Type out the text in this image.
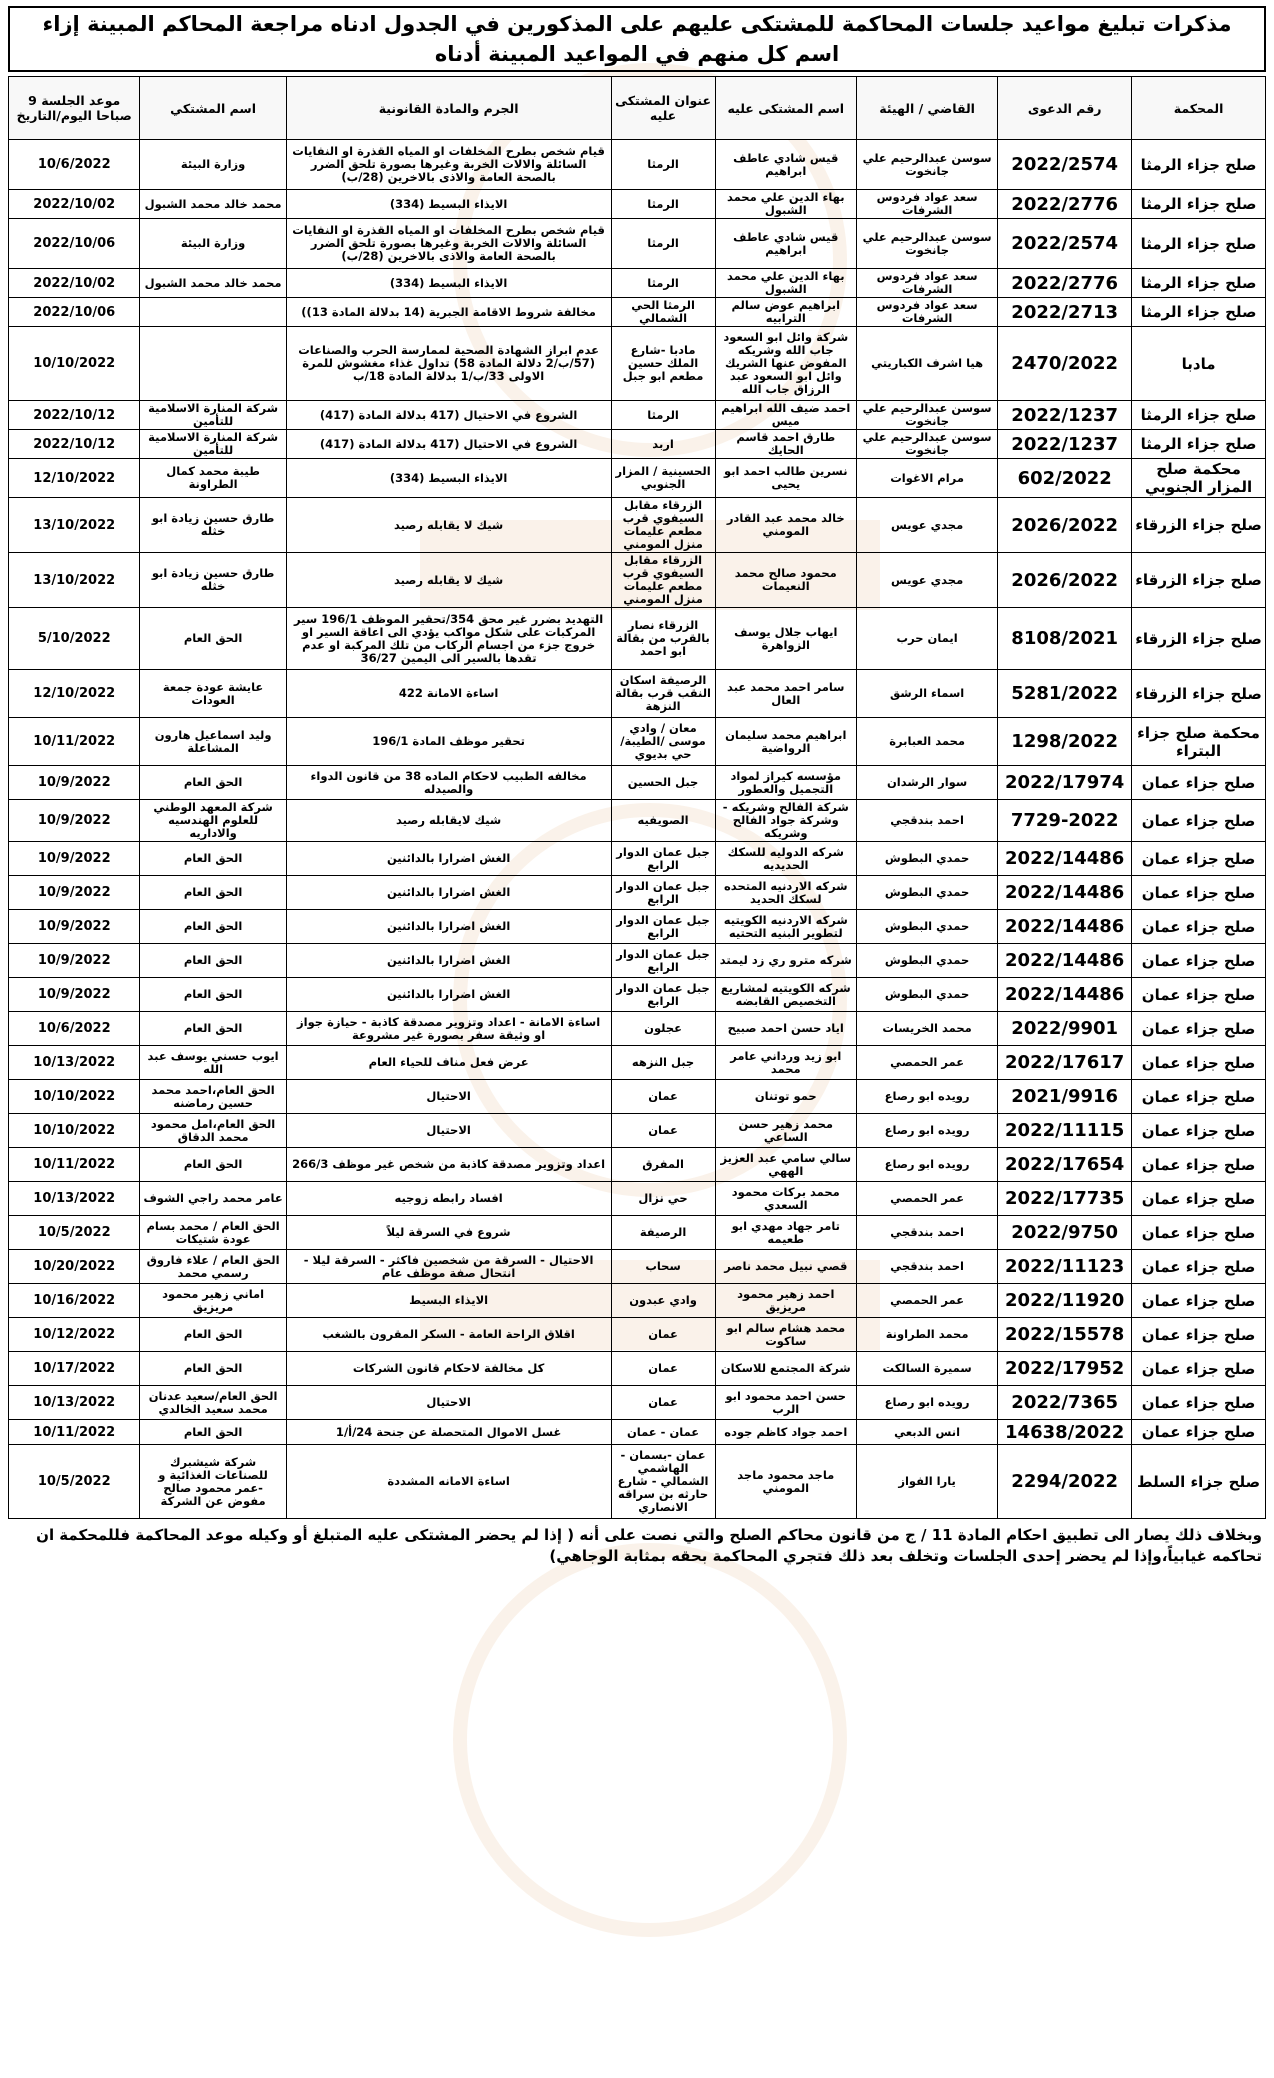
مذكرات تبليغ مواعيد جلسات المحاكمة للمشتكى عليهم على المذكورين في الجدول ادناه مراجعة المحاكم المبينة إزاء اسم كل منهم في المواعيد المبينة أدناه
المحكمة	رقم الدعوى	القاضي / الهيئة	اسم المشتكى عليه	عنوان المشتكى عليه	الجرم والمادة القانونية	اسم المشتكي	موعد الجلسة 9 صباحا اليوم/التاريخ
صلح جزاء الرمثا	2022/2574	سوسن عبدالرحيم علي جانخوت	قيس شادي عاطف ابراهيم	الرمثا	قيام شخص بطرح المخلفات او المياه القذرة او النفايات السائلة والالات الخربة وغيرها بصورة تلحق الضرر بالصحة العامة والاذى بالاخرين (28/ب)	وزارة البيئة	10/6/2022
صلح جزاء الرمثا	2022/2776	سعد عواد فردوس الشرفات	بهاء الدين علي محمد الشبول	الرمثا	الايذاء البسيط (334)	محمد خالد محمد الشبول	2022/10/02
صلح جزاء الرمثا	2022/2574	سوسن عبدالرحيم علي جانخوت	قيس شادي عاطف ابراهيم	الرمثا	قيام شخص بطرح المخلفات او المياه القذرة او النفايات السائلة والالات الخربة وغيرها بصورة تلحق الضرر بالصحة العامة والاذى بالاخرين (28/ب)	وزارة البيئة	2022/10/06
صلح جزاء الرمثا	2022/2776	سعد عواد فردوس الشرفات	بهاء الدين علي محمد الشبول	الرمثا	الايذاء البسيط (334)	محمد خالد محمد الشبول	2022/10/02
صلح جزاء الرمثا	2022/2713	سعد عواد فردوس الشرفات	ابراهيم عوض سالم الترابيه	الرمثا الحي الشمالي	مخالفة شروط الاقامة الجبرية (14 بدلالة المادة 13))		2022/10/06
مادبا	2470/2022	هيا اشرف الكباريتي	شركة وائل ابو السعود جاب الله وشريكه المفوض عنها الشريك وائل ابو السعود عبد الرزاق جاب الله	مادبا -شارع الملك حسين مطعم ابو جبل	عدم ابراز الشهادة الصحية لممارسة الحرب والصناعات (57/ب/2 دلالة المادة 58) تداول غذاء مغشوش للمرة الاولى 33/ب/1 بدلالة المادة 18/ب		10/10/2022
صلح جزاء الرمثا	2022/1237	سوسن عبدالرحيم علي جانخوت	احمد ضيف الله ابراهيم ميس	الرمثا	الشروع في الاحتيال (417 بدلالة المادة (417)	شركة المنارة الاسلامية للتأمين	2022/10/12
صلح جزاء الرمثا	2022/1237	سوسن عبدالرحيم علي جانخوت	طارق احمد قاسم الحايك	اربد	الشروع في الاحتيال (417 بدلالة المادة (417)	شركة المنارة الاسلامية للتأمين	2022/10/12
محكمة صلح المزار الجنوبي	602/2022	مرام الاغوات	نسرين طالب احمد ابو يحيى	الحسينية / المزار الجنوبي	الايذاء البسيط (334)	طيبة محمد كمال الطراونة	12/10/2022
صلح جزاء الزرقاء	2026/2022	مجدي عويس	خالد محمد عبد القادر المومني	الزرقاء مقابل السيفوي قرب مطعم عليمات منزل المومني	شيك لا يقابله رصيد	طارق حسين زيادة ابو خثله	13/10/2022
صلح جزاء الزرقاء	2026/2022	مجدي عويس	محمود صالح محمد النعيمات	الزرقاء مقابل السيفوي قرب مطعم عليمات منزل المومني	شيك لا يقابله رصيد	طارق حسين زيادة ابو خثله	13/10/2022
صلح جزاء الزرقاء	8108/2021	ايمان حرب	ايهاب جلال يوسف الزواهرة	الزرقاء نصار بالقرب من بقالة ابو احمد	التهديد بضرر غير محق 354/تحقير الموظف 196/1 سير المركبات على شكل مواكب يؤدي الى اعاقة السير او خروج جزء من اجسام الركاب من تلك المركبة او عدم تقدها بالسير الى اليمين 36/27	الحق العام	5/10/2022
صلح جزاء الزرقاء	5281/2022	اسماء الرشق	سامر احمد محمد عبد العال	الرصيفة اسكان النقب قرب بقالة النزهة	اساءة الامانة 422	عايشة عودة جمعة العودات	12/10/2022
محكمة صلح جزاء البتراء	1298/2022	محمد العبابرة	ابراهيم محمد سليمان الرواضية	معان / وادي موسى /الطيبة/ حي بديوي	تحقير موظف المادة 196/1	وليد اسماعيل هارون المشاعلة	10/11/2022
صلح جزاء عمان	2022/17974	سوار الرشدان	مؤسسه كيراز لمواد التجميل والعطور	جبل الحسين	مخالفه الطبيب لاحكام الماده 38 من قانون الدواء والصيدله	الحق العام	10/9/2022
صلح جزاء عمان	7729-2022	احمد بندقجي	شركة الفالح وشريكه - وشركة جواد الفالح وشريكه	الصويفيه	شيك لايقابله رصيد	شركة المعهد الوطني للعلوم الهندسيه والاداريه	10/9/2022
صلح جزاء عمان	2022/14486	حمدي البطوش	شركه الدوليه للسكك الحديديه	جبل عمان الدوار الرابع	الغش اضرارا بالدائنين	الحق العام	10/9/2022
صلح جزاء عمان	2022/14486	حمدي البطوش	شركه الاردنيه المتحده لسكك الحديد	جبل عمان الدوار الرابع	الغش اضرارا بالدائنين	الحق العام	10/9/2022
صلح جزاء عمان	2022/14486	حمدي البطوش	شركه الاردنيه الكويتيه لتطوير البنيه التحتيه	جبل عمان الدوار الرابع	الغش اضرارا بالدائنين	الحق العام	10/9/2022
صلح جزاء عمان	2022/14486	حمدي البطوش	شركه مترو ري زد ليمتد	جبل عمان الدوار الرابع	الغش اضرارا بالدائنين	الحق العام	10/9/2022
صلح جزاء عمان	2022/14486	حمدي البطوش	شركه الكويتيه لمشاريع التخصيص القابضه	جبل عمان الدوار الرابع	الغش اضرارا بالدائنين	الحق العام	10/9/2022
صلح جزاء عمان	2022/9901	محمد الخريسات	اياد حسن احمد صبيح	عجلون	اساءة الامانة - اعداد وتزوير مصدقة كاذبة - حيازة جواز او وثيقة سفر بصورة غير مشروعة	الحق العام	10/6/2022
صلح جزاء عمان	2022/17617	عمر الحمصي	ابو زيد ورداني عامر محمد	جبل النزهه	عرض فعل مناف للحياء العام	ايوب حسني يوسف عبد الله	10/13/2022
صلح جزاء عمان	2021/9916	رويده ابو رصاع	حمو توتنان	عمان	الاحتيال	الحق العام،احمد محمد حسين رماضنه	10/10/2022
صلح جزاء عمان	2022/11115	رويده ابو رصاع	محمد زهير حسن الساعي	عمان	الاحتيال	الحق العام،امل محمود محمد الدقاق	10/10/2022
صلح جزاء عمان	2022/17654	رويده ابو رصاع	سالي سامي عبد العزيز الههي	المفرق	اعداد وتزوير مصدقة كاذبة من شخص غير موظف 266/3	الحق العام	10/11/2022
صلح جزاء عمان	2022/17735	عمر الحمصي	محمد بركات محمود السعدي	حي نزال	افساد رابطه زوجيه	عامر محمد راجي الشوف	10/13/2022
صلح جزاء عمان	2022/9750	احمد بندقجي	تامر جهاد مهدي ابو طعيمه	الرصيفة	شروع في السرقة ليلاً	الحق العام / محمد بسام عودة شتيكات	10/5/2022
صلح جزاء عمان	2022/11123	احمد بندقجي	قصي نبيل محمد ناصر	سحاب	الاحتيال - السرقة من شخصين فاكثر - السرقة ليلا - انتحال صفة موظف عام	الحق العام / علاء فاروق رسمي محمد	10/20/2022
صلح جزاء عمان	2022/11920	عمر الحمصي	احمد زهير محمود مريزيق	وادي عبدون	الايذاء البسيط	اماني زهير محمود مريزيق	10/16/2022
صلح جزاء عمان	2022/15578	محمد الطراونة	محمد هشام سالم ابو ساكوت	عمان	اقلاق الراحة العامة - السكر المقرون بالشغب	الحق العام	10/12/2022
صلح جزاء عمان	2022/17952	سميرة السالكت	شركة المجتمع للاسكان	عمان	كل مخالفة لاحكام قانون الشركات	الحق العام	10/17/2022
صلح جزاء عمان	2022/7365	رويده ابو رصاع	حسن احمد محمود ابو الرب	عمان	الاحتيال	الحق العام/سعيد عدنان محمد سعيد الخالدي	10/13/2022
صلح جزاء عمان	14638/2022	انس الدبعي	احمد جواد كاظم جوده	عمان - عمان	غسل الاموال المتحصلة عن جنحة 24/أ/1	الحق العام	10/11/2022
صلح جزاء السلط	2294/2022	يارا الفواز	ماجد محمود ماجد المومني	عمان -بسمان - الهاشمي الشمالي - شارع حارثه بن سراقه الانصاري	اساءة الامانه المشددة	شركة شيشبرك للصناعات الغذائية و -عمر محمود صالح مفوض عن الشركة	10/5/2022
وبخلاف ذلك يصار الى تطبيق احكام المادة 11 / ج من قانون محاكم الصلح والتي نصت على أنه ( إذا لم يحضر المشتكى عليه المتبلغ أو وكيله موعد المحاكمة فللمحكمة ان تحاكمه غيابياً،وإذا لم يحضر إحدى الجلسات وتخلف بعد ذلك فتجري المحاكمة بحقه بمثابة الوجاهي)
